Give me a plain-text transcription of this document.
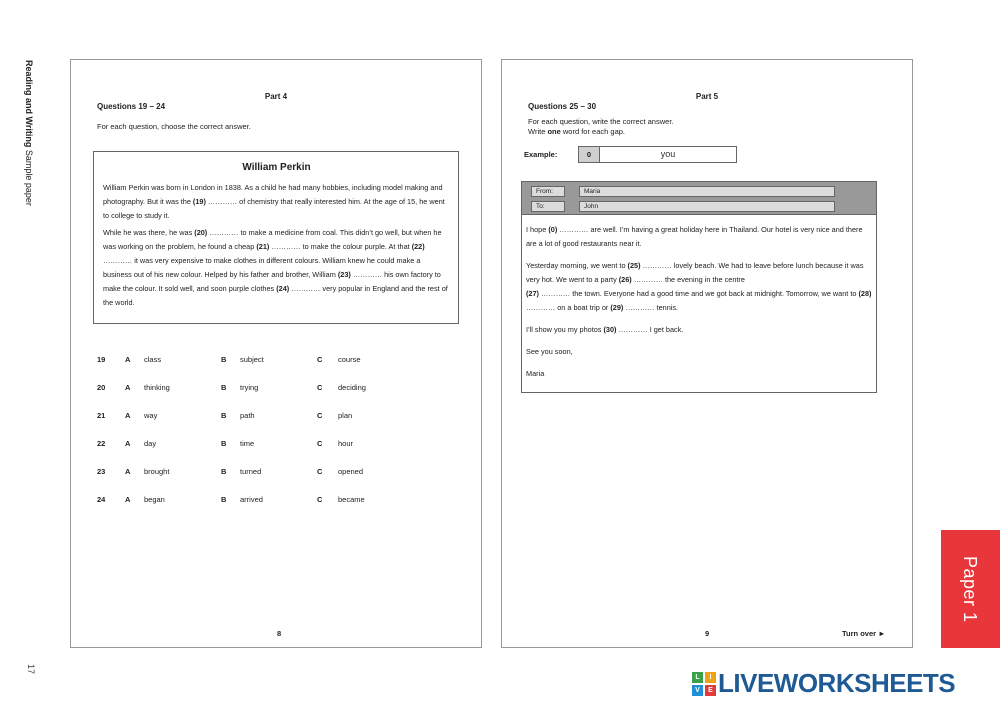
Reading and Writing Sample paper
17
Part 4
Questions 19 – 24
For each question, choose the correct answer.
William Perkin

William Perkin was born in London in 1838. As a child he had many hobbies, including model making and photography. But it was the (19) ………… of chemistry that really interested him. At the age of 15, he went to college to study it.

While he was there, he was (20) ………… to make a medicine from coal. This didn’t go well, but when he was working on the problem, he found a cheap (21) ………… to make the colour purple. At that (22) ………… it was very expensive to make clothes in different colours. William knew he could make a business out of his new colour. Helped by his father and brother, William (23) ………… his own factory to make the colour. It sold well, and soon purple clothes (24) ………… very popular in England and the rest of the world.

19	A class	B subject	C course
20	A thinking	B trying	C deciding
21	A way	B path	C plan
22	A day	B time	C hour
23	A brought	B turned	C opened
24	A began	B arrived	C became
8
Part 5
Questions 25 – 30
For each question, write the correct answer.
Write one word for each gap.
Example:	0	you
From:	Maria
To:	John

I hope (0) ………… are well. I’m having a great holiday here in Thailand. Our hotel is very nice and there are a lot of good restaurants near it.

Yesterday morning, we went to (25) ………… lovely beach. We had to leave before lunch because it was very hot. We went to a party (26) ………… the evening in the centre
(27) ………… the town. Everyone had a good time and we got back at midnight. Tomorrow, we want to (28) ………… on a boat trip or (29) ………… tennis.

I’ll show you my photos (30) ………… I get back.

See you soon,

Maria

9	Turn over ►
Paper 1
L	I
V	E LIVEWORKSHEETS
